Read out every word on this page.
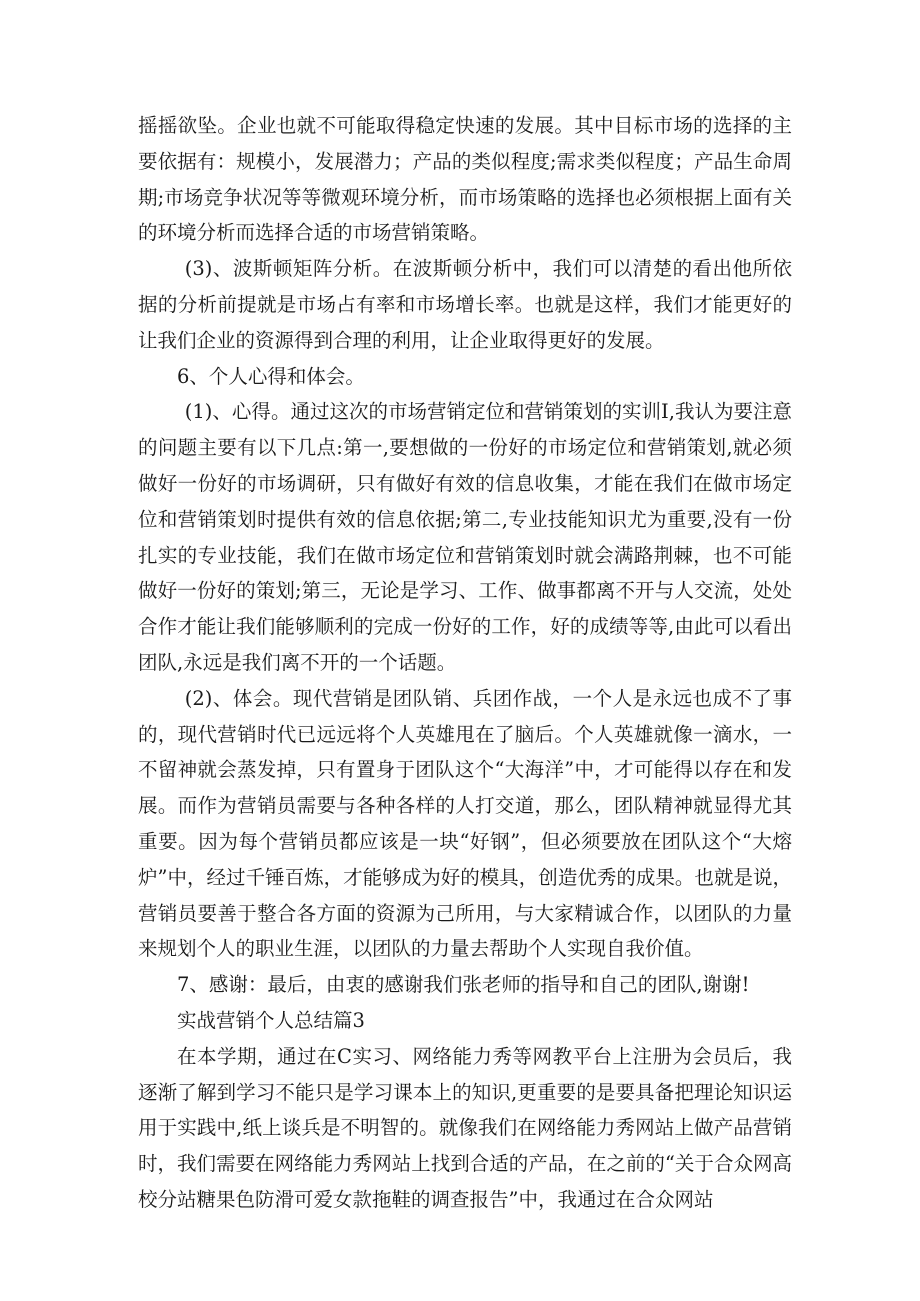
摇摇欲坠。企业也就不可能取得稳定快速的发展。其中目标市场的选择的主要依据有：规模小，发展潜力；产品的类似程度;需求类似程度；产品生命周期;市场竞争状况等等微观环境分析，而市场策略的选择也必须根据上面有关的环境分析而选择合适的市场营销策略。

(3)、波斯顿矩阵分析。在波斯顿分析中，我们可以清楚的看出他所依据的分析前提就是市场占有率和市场增长率。也就是这样，我们才能更好的让我们企业的资源得到合理的利用，让企业取得更好的发展。

6、个人心得和体会。

(1)、心得。通过这次的市场营销定位和营销策划的实训I,我认为要注意的问题主要有以下几点:第一,要想做的一份好的市场定位和营销策划,就必须做好一份好的市场调研，只有做好有效的信息收集，才能在我们在做市场定位和营销策划时提供有效的信息依据;第二,专业技能知识尤为重要,没有一份扎实的专业技能，我们在做市场定位和营销策划时就会满路荆棘，也不可能做好一份好的策划;第三，无论是学习、工作、做事都离不开与人交流，处处合作才能让我们能够顺利的完成一份好的工作，好的成绩等等,由此可以看出团队,永远是我们离不开的一个话题。

(2)、体会。现代营销是团队销、兵团作战，一个人是永远也成不了事的，现代营销时代已远远将个人英雄甩在了脑后。个人英雄就像一滴水，一不留神就会蒸发掉，只有置身于团队这个“大海洋”中，才可能得以存在和发展。而作为营销员需要与各种各样的人打交道，那么，团队精神就显得尤其重要。因为每个营销员都应该是一块“好钢”，但必须要放在团队这个“大熔炉”中，经过千锤百炼，才能够成为好的模具，创造优秀的成果。也就是说，营销员要善于整合各方面的资源为己所用，与大家精诚合作，以团队的力量来规划个人的职业生涯，以团队的力量去帮助个人实现自我价值。

7、感谢：最后，由衷的感谢我们张老师的指导和自己的团队,谢谢!

实战营销个人总结篇3

在本学期，通过在C实习、网络能力秀等网教平台上注册为会员后，我逐渐了解到学习不能只是学习课本上的知识,更重要的是要具备把理论知识运用于实践中,纸上谈兵是不明智的。就像我们在网络能力秀网站上做产品营销时，我们需要在网络能力秀网站上找到合适的产品，在之前的“关于合众网高校分站糖果色防滑可爱女款拖鞋的调查报告”中，我通过在合众网站
